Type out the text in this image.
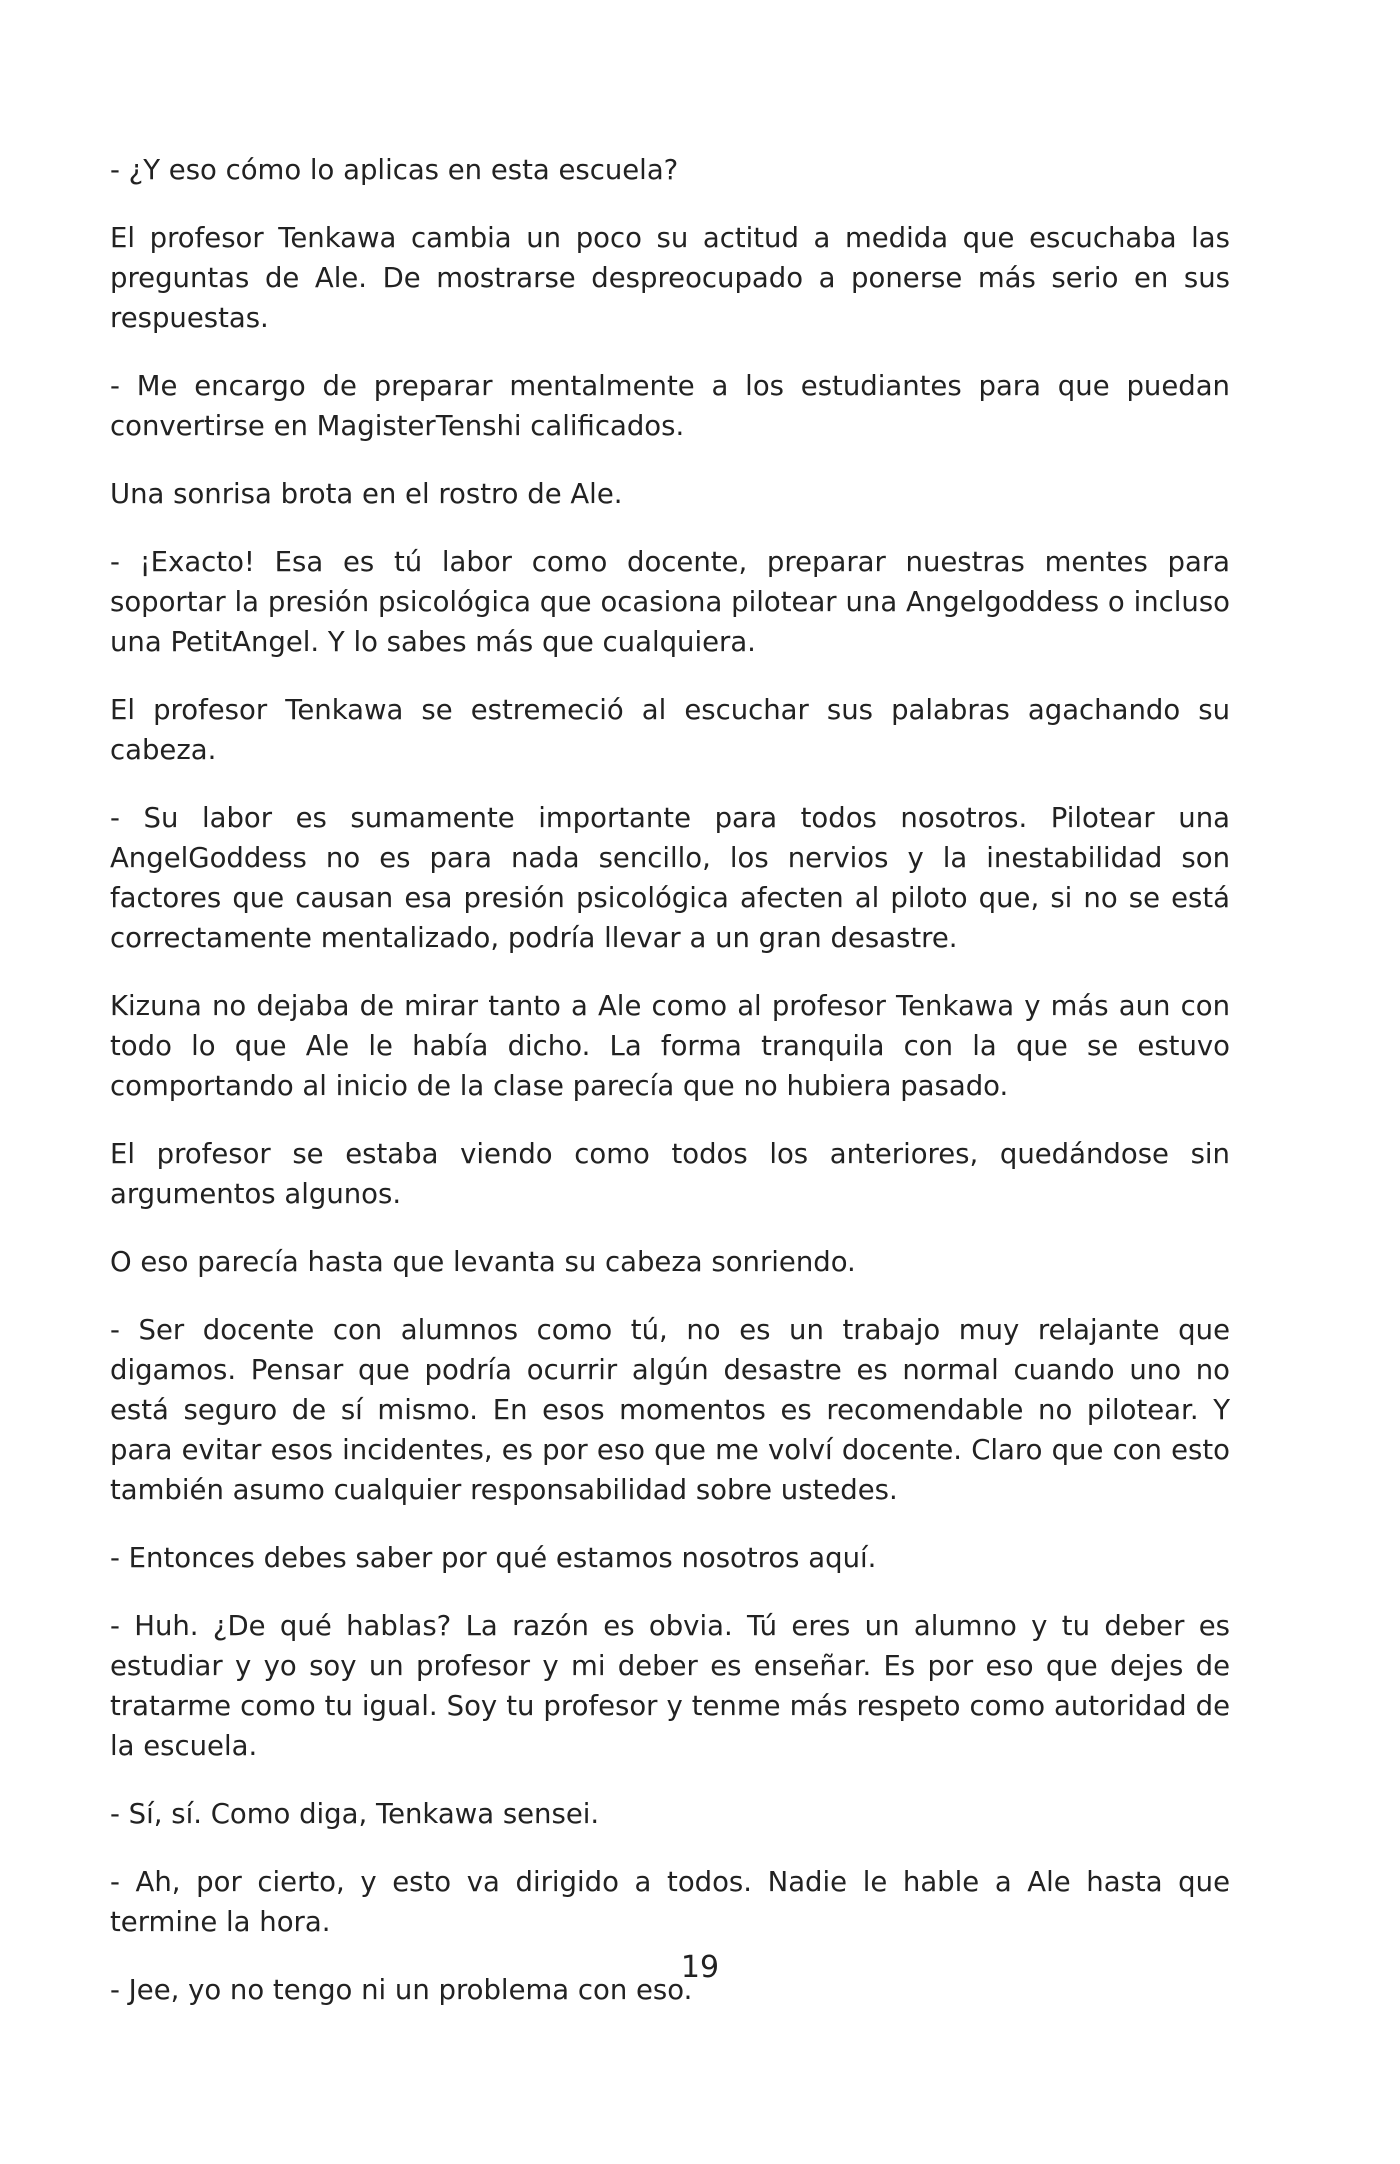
- ¿Y eso cómo lo aplicas en esta escuela?

El profesor Tenkawa cambia un poco su actitud a medida que escuchaba las preguntas de Ale. De mostrarse despreocupado a ponerse más serio en sus respuestas.

- Me encargo de preparar mentalmente a los estudiantes para que puedan convertirse en MagisterTenshi calificados.

Una sonrisa brota en el rostro de Ale.

- ¡Exacto! Esa es tú labor como docente, preparar nuestras mentes para soportar la presión psicológica que ocasiona pilotear una Angelgoddess o incluso una PetitAngel. Y lo sabes más que cualquiera.

El profesor Tenkawa se estremeció al escuchar sus palabras agachando su cabeza.

- Su labor es sumamente importante para todos nosotros. Pilotear una AngelGoddess no es para nada sencillo, los nervios y la inestabilidad son factores que causan esa presión psicológica afecten al piloto que, si no se está correctamente mentalizado, podría llevar a un gran desastre.

Kizuna no dejaba de mirar tanto a Ale como al profesor Tenkawa y más aun con todo lo que Ale le había dicho. La forma tranquila con la que se estuvo comportando al inicio de la clase parecía que no hubiera pasado.

El profesor se estaba viendo como todos los anteriores, quedándose sin argumentos algunos.

O eso parecía hasta que levanta su cabeza sonriendo.

- Ser docente con alumnos como tú, no es un trabajo muy relajante que digamos. Pensar que podría ocurrir algún desastre es normal cuando uno no está seguro de sí mismo. En esos momentos es recomendable no pilotear. Y para evitar esos incidentes, es por eso que me volví docente. Claro que con esto también asumo cualquier responsabilidad sobre ustedes.

- Entonces debes saber por qué estamos nosotros aquí.

- Huh. ¿De qué hablas? La razón es obvia. Tú eres un alumno y tu deber es estudiar y yo soy un profesor y mi deber es enseñar. Es por eso que dejes de tratarme como tu igual. Soy tu profesor y tenme más respeto como autoridad de la escuela.

- Sí, sí. Como diga, Tenkawa sensei.

- Ah, por cierto, y esto va dirigido a todos. Nadie le hable a Ale hasta que termine la hora.

- Jee, yo no tengo ni un problema con eso.

19
